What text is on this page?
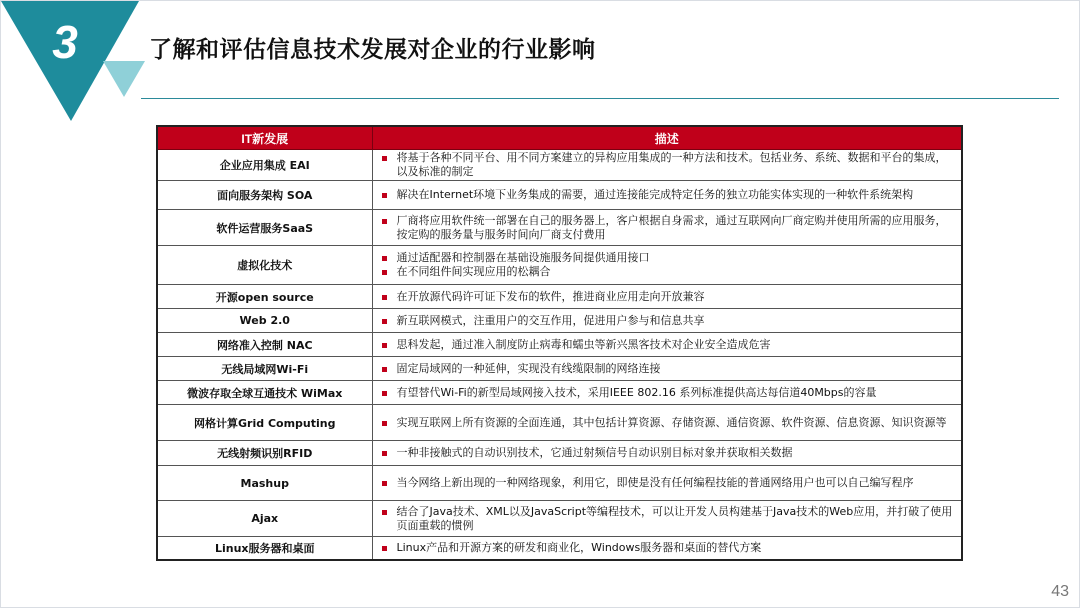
3	了解和评估信息技术发展对企业的行业影响
IT新发展	描述
企业应用集成 EAI	将基于各种不同平台、用不同方案建立的异构应用集成的一种方法和技术。包括业务、系统、数据和平台的集成，以及标准的制定

面向服务架构 SOA	解决在Internet环境下业务集成的需要，通过连接能完成特定任务的独立功能实体实现的一种软件系统架构

软件运营服务SaaS	厂商将应用软件统一部署在自己的服务器上，客户根据自身需求，通过互联网向厂商定购并使用所需的应用服务，按定购的服务量与服务时间向厂商支付费用

虚拟化技术	通过适配器和控制器在基础设施服务间提供通用接口
在不同组件间实现应用的松耦合

开源open source	在开放源代码许可证下发布的软件，推进商业应用走向开放兼容

Web 2.0	新互联网模式，注重用户的交互作用，促进用户参与和信息共享

网络准入控制 NAC	思科发起，通过准入制度防止病毒和蠕虫等新兴黑客技术对企业安全造成危害

无线局域网Wi-Fi	固定局域网的一种延伸，实现没有线缆限制的网络连接

微波存取全球互通技术 WiMax	有望替代Wi-Fi的新型局域网接入技术，采用IEEE 802.16 系列标准提供高达每信道40Mbps的容量

网格计算Grid Computing	实现互联网上所有资源的全面连通，其中包括计算资源、存储资源、通信资源、软件资源、信息资源、知识资源等

无线射频识别RFID	一种非接触式的自动识别技术，它通过射频信号自动识别目标对象并获取相关数据

Mashup	当今网络上新出现的一种网络现象，利用它，即使是没有任何编程技能的普通网络用户也可以自己编写程序

Ajax	结合了Java技术、XML以及JavaScript等编程技术，可以让开发人员构建基于Java技术的Web应用，并打破了使用页面重载的惯例

Linux服务器和桌面	Linux产品和开源方案的研发和商业化，Windows服务器和桌面的替代方案
43
